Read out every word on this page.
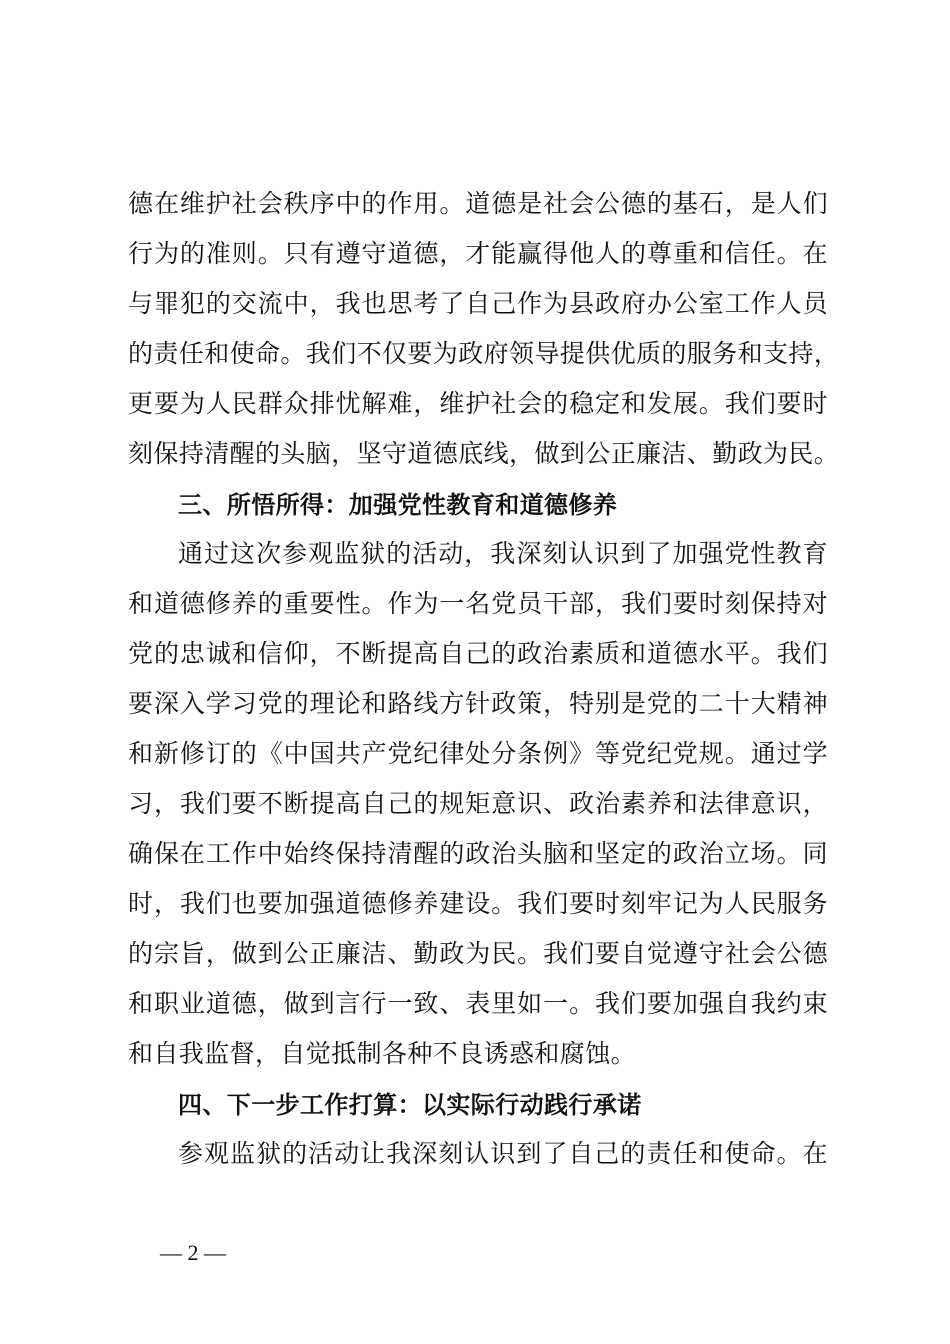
德在维护社会秩序中的作用。道德是社会公德的基石，是人们
行为的准则。只有遵守道德，才能赢得他人的尊重和信任。在
与罪犯的交流中，我也思考了自己作为县政府办公室工作人员
的责任和使命。我们不仅要为政府领导提供优质的服务和支持，
更要为人民群众排忧解难，维护社会的稳定和发展。我们要时
刻保持清醒的头脑，坚守道德底线，做到公正廉洁、勤政为民。
三、所悟所得：加强党性教育和道德修养
通过这次参观监狱的活动，我深刻认识到了加强党性教育
和道德修养的重要性。作为一名党员干部，我们要时刻保持对
党的忠诚和信仰，不断提高自己的政治素质和道德水平。我们
要深入学习党的理论和路线方针政策，特别是党的二十大精神
和新修订的《中国共产党纪律处分条例》等党纪党规。通过学
习，我们要不断提高自己的规矩意识、政治素养和法律意识，
确保在工作中始终保持清醒的政治头脑和坚定的政治立场。同
时，我们也要加强道德修养建设。我们要时刻牢记为人民服务
的宗旨，做到公正廉洁、勤政为民。我们要自觉遵守社会公德
和职业道德，做到言行一致、表里如一。我们要加强自我约束
和自我监督，自觉抵制各种不良诱惑和腐蚀。
四、下一步工作打算：以实际行动践行承诺
参观监狱的活动让我深刻认识到了自己的责任和使命。在
— 2 —
